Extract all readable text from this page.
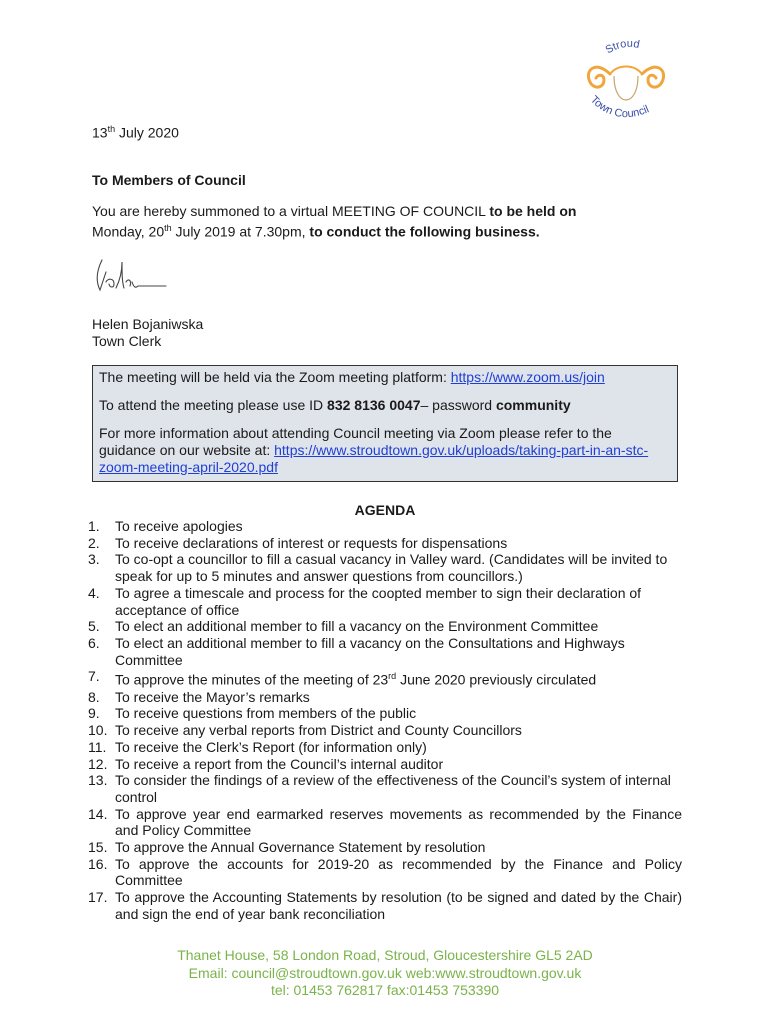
Stroud
Town Council
13th July 2020
To Members of Council
You are hereby summoned to a virtual MEETING OF COUNCIL to be held on
Monday, 20th July 2019 at 7.30pm, to conduct the following business.
Helen Bojaniwska
Town Clerk

The meeting will be held via the Zoom meeting platform: https://www.zoom.us/join

To attend the meeting please use ID 832 8136 0047– password community

For more information about attending Council meeting via Zoom please refer to the guidance on our website at: https://www.stroudtown.gov.uk/uploads/taking-part-in-an-stc-zoom-meeting-april-2020.pdf

AGENDA
1.	To receive apologies
2.	To receive declarations of interest or requests for dispensations
3.	To co-opt a councillor to fill a casual vacancy in Valley ward. (Candidates will be invited to speak for up to 5 minutes and answer questions from councillors.)
4.	To agree a timescale and process for the coopted member to sign their declaration of acceptance of office
5.	To elect an additional member to fill a vacancy on the Environment Committee
6.	To elect an additional member to fill a vacancy on the Consultations and Highways Committee
7.	To approve the minutes of the meeting of 23rd June 2020 previously circulated
8.	To receive the Mayor’s remarks
9.	To receive questions from members of the public
10. To receive any verbal reports from District and County Councillors
11. To receive the Clerk’s Report (for information only)
12. To receive a report from the Council’s internal auditor
13. To consider the findings of a review of the effectiveness of the Council’s system of internal control
14. To approve year end earmarked reserves movements as recommended by the Finance and Policy Committee
15. To approve the Annual Governance Statement by resolution
16. To approve the accounts for 2019-20 as recommended by the Finance and Policy Committee
17. To approve the Accounting Statements by resolution (to be signed and dated by the Chair) and sign the end of year bank reconciliation
Thanet House, 58 London Road, Stroud, Gloucestershire GL5 2AD
Email: council@stroudtown.gov.uk web:www.stroudtown.gov.uk
tel: 01453 762817 fax:01453 753390
